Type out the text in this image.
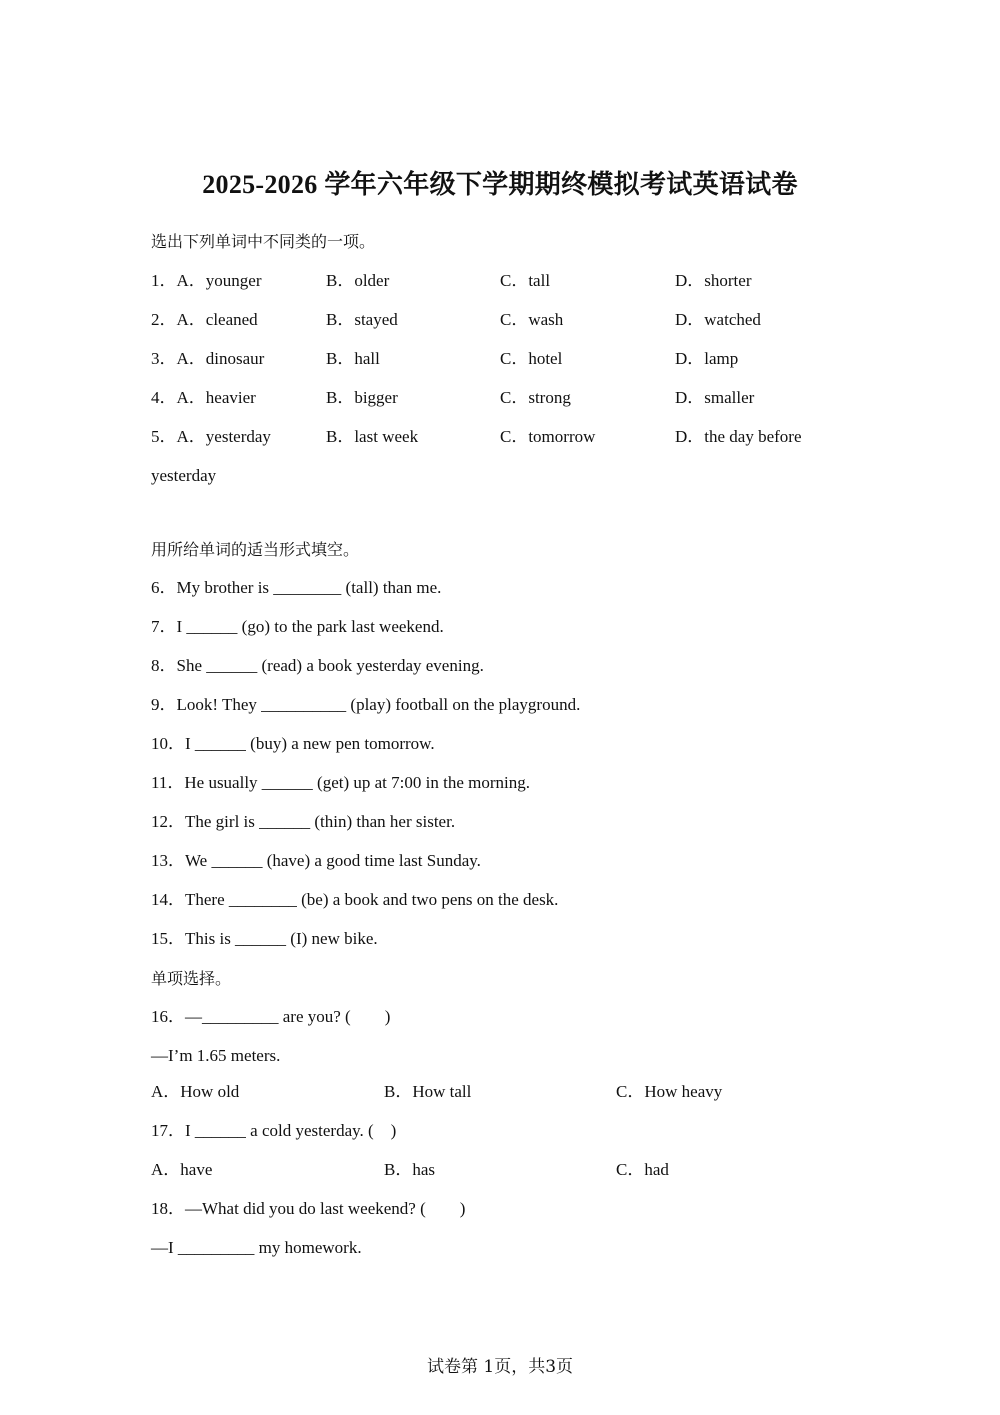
2025-2026 学年六年级下学期期终模拟考试英语试卷
选出下列单词中不同类的一项。
1．A．younger	B．older	C．tall	D．shorter
2．A．cleaned	B．stayed	C．wash	D．watched
3．A．dinosaur	B．hall	C．hotel	D．lamp
4．A．heavier	B．bigger	C．strong	D．smaller
5．A．yesterday	B．last week	C．tomorrow	D．the day before
yesterday
用所给单词的适当形式填空。
6．My brother is ________ (tall) than me.
7．I ______ (go) to the park last weekend.
8．She ______ (read) a book yesterday evening.
9．Look! They __________ (play) football on the playground.
10．I ______ (buy) a new pen tomorrow.
11．He usually ______ (get) up at 7:00 in the morning.
12．The girl is ______ (thin) than her sister.
13．We ______ (have) a good time last Sunday.
14．There ________ (be) a book and two pens on the desk.
15．This is ______ (I) new bike.
单项选择。
16．—_________ are you? (　　)
—I’m 1.65 meters.
A．How old	B．How tall	C．How heavy
17．I ______ a cold yesterday. (　)
A．have	B．has	C．had
18．—What did you do last weekend? (　　)
—I _________ my homework.
试卷第 1页，共3页
